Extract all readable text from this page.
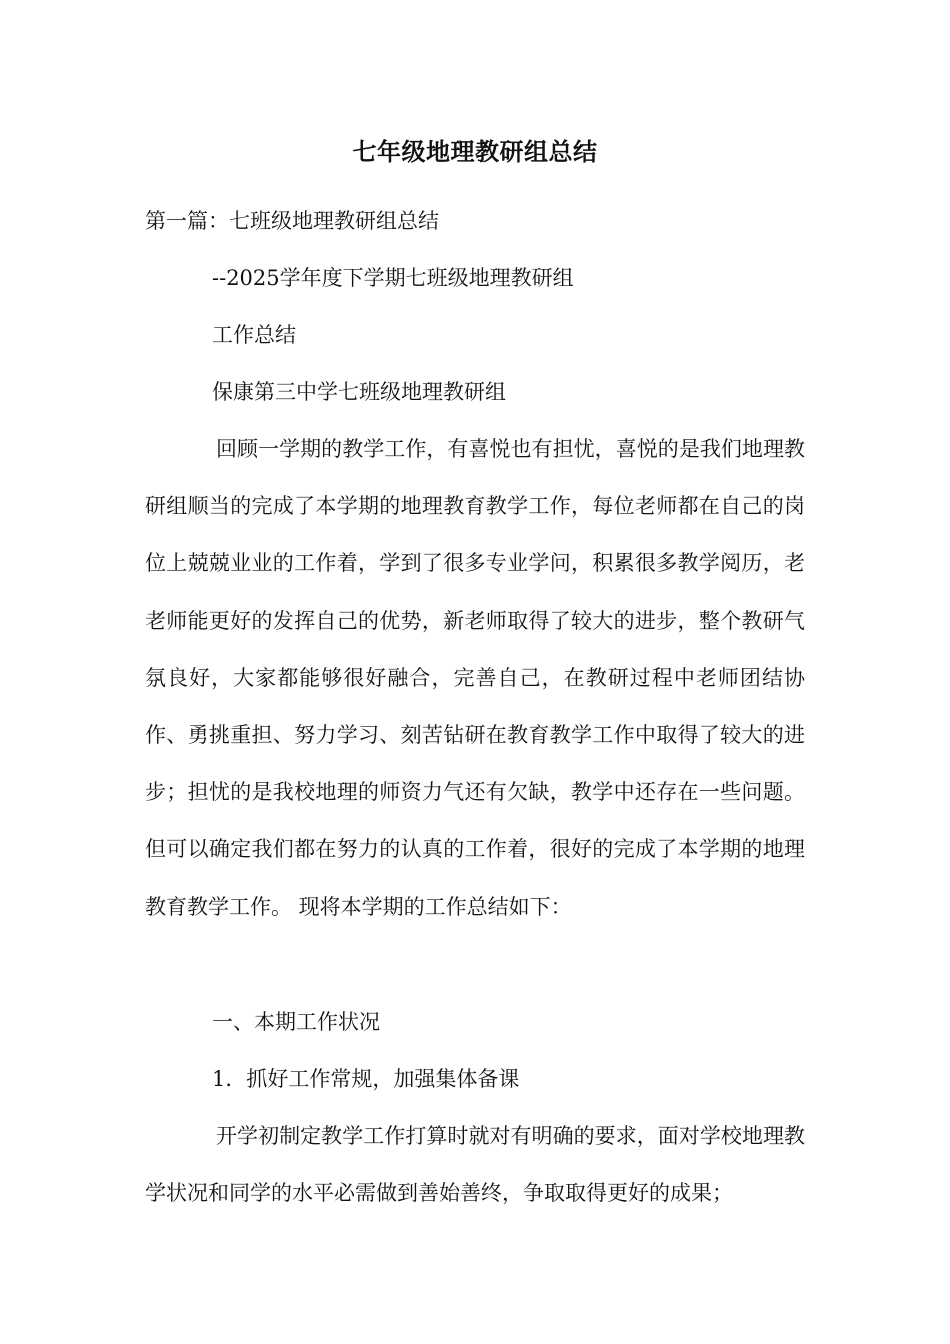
七年级地理教研组总结
第一篇：七班级地理教研组总结
--2025学年度下学期七班级地理教研组
工作总结
保康第三中学七班级地理教研组
回顾一学期的教学工作，有喜悦也有担忧，喜悦的是我们地理教研组顺当的完成了本学期的地理教育教学工作，每位老师都在自己的岗位上兢兢业业的工作着，学到了很多专业学问，积累很多教学阅历，老老师能更好的发挥自己的优势，新老师取得了较大的进步，整个教研气氛良好，大家都能够很好融合，完善自己，在教研过程中老师团结协作、勇挑重担、努力学习、刻苦钻研在教育教学工作中取得了较大的进步；担忧的是我校地理的师资力气还有欠缺，教学中还存在一些问题。但可以确定我们都在努力的认真的工作着，很好的完成了本学期的地理教育教学工作。 现将本学期的工作总结如下：
一、本期工作状况
1．抓好工作常规，加强集体备课
开学初制定教学工作打算时就对有明确的要求，面对学校地理教学状况和同学的水平必需做到善始善终，争取取得更好的成果；
